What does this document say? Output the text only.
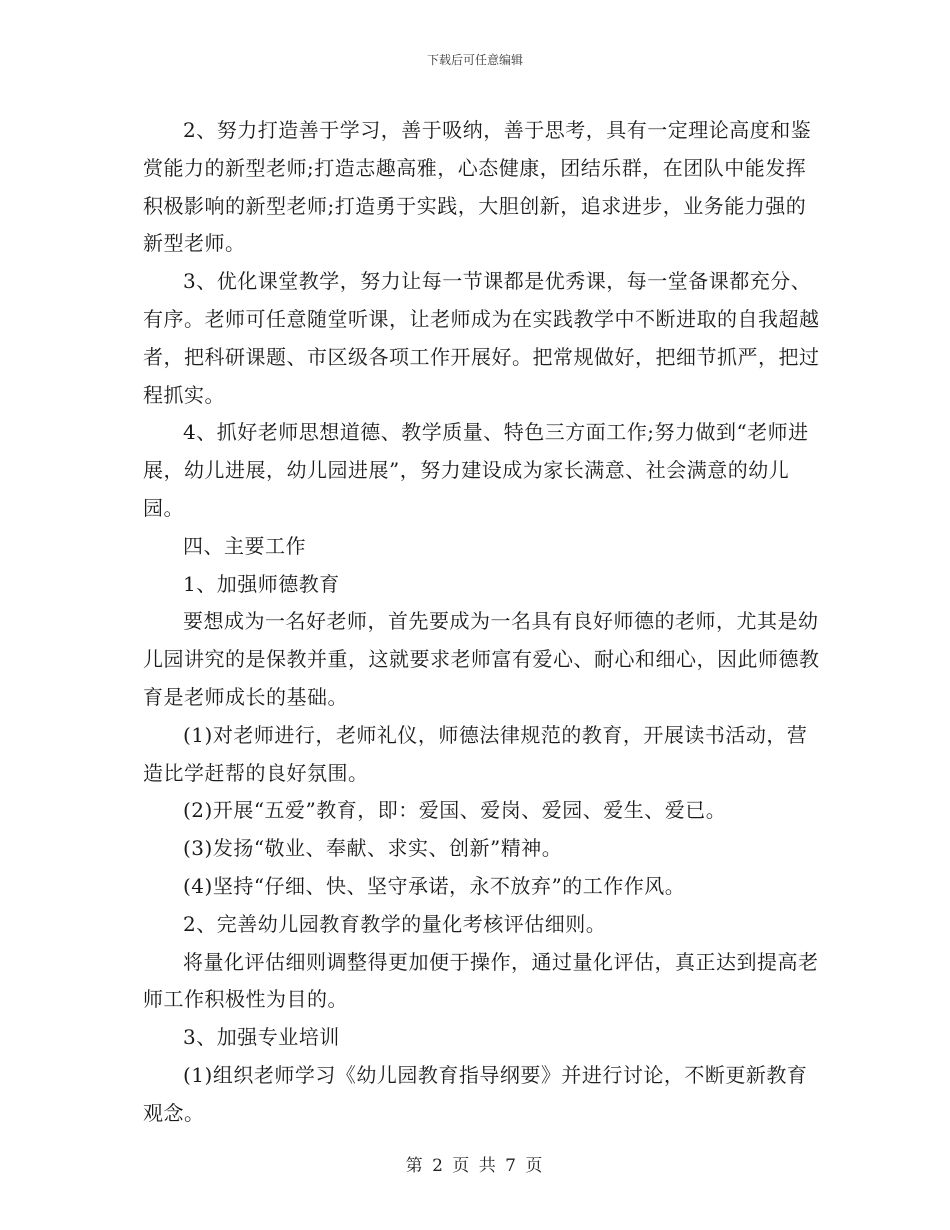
下载后可任意编辑

2、努力打造善于学习，善于吸纳，善于思考，具有一定理论高度和鉴赏能力的新型老师;打造志趣高雅，心态健康，团结乐群，在团队中能发挥积极影响的新型老师;打造勇于实践，大胆创新，追求进步，业务能力强的新型老师。

3、优化课堂教学，努力让每一节课都是优秀课，每一堂备课都充分、有序。老师可任意随堂听课，让老师成为在实践教学中不断进取的自我超越者，把科研课题、市区级各项工作开展好。把常规做好，把细节抓严，把过程抓实。

4、抓好老师思想道德、教学质量、特色三方面工作;努力做到“老师进展，幼儿进展，幼儿园进展”，努力建设成为家长满意、社会满意的幼儿园。

四、主要工作

1、加强师德教育

要想成为一名好老师，首先要成为一名具有良好师德的老师，尤其是幼儿园讲究的是保教并重，这就要求老师富有爱心、耐心和细心，因此师德教育是老师成长的基础。

(1)对老师进行，老师礼仪，师德法律规范的教育，开展读书活动，营造比学赶帮的良好氛围。

(2)开展“五爱”教育，即：爱国、爱岗、爱园、爱生、爱已。

(3)发扬“敬业、奉献、求实、创新”精神。

(4)坚持“仔细、快、坚守承诺，永不放弃”的工作作风。

2、完善幼儿园教育教学的量化考核评估细则。

将量化评估细则调整得更加便于操作，通过量化评估，真正达到提高老师工作积极性为目的。

3、加强专业培训

(1)组织老师学习《幼儿园教育指导纲要》并进行讨论，不断更新教育观念。

第 2 页 共 7 页
